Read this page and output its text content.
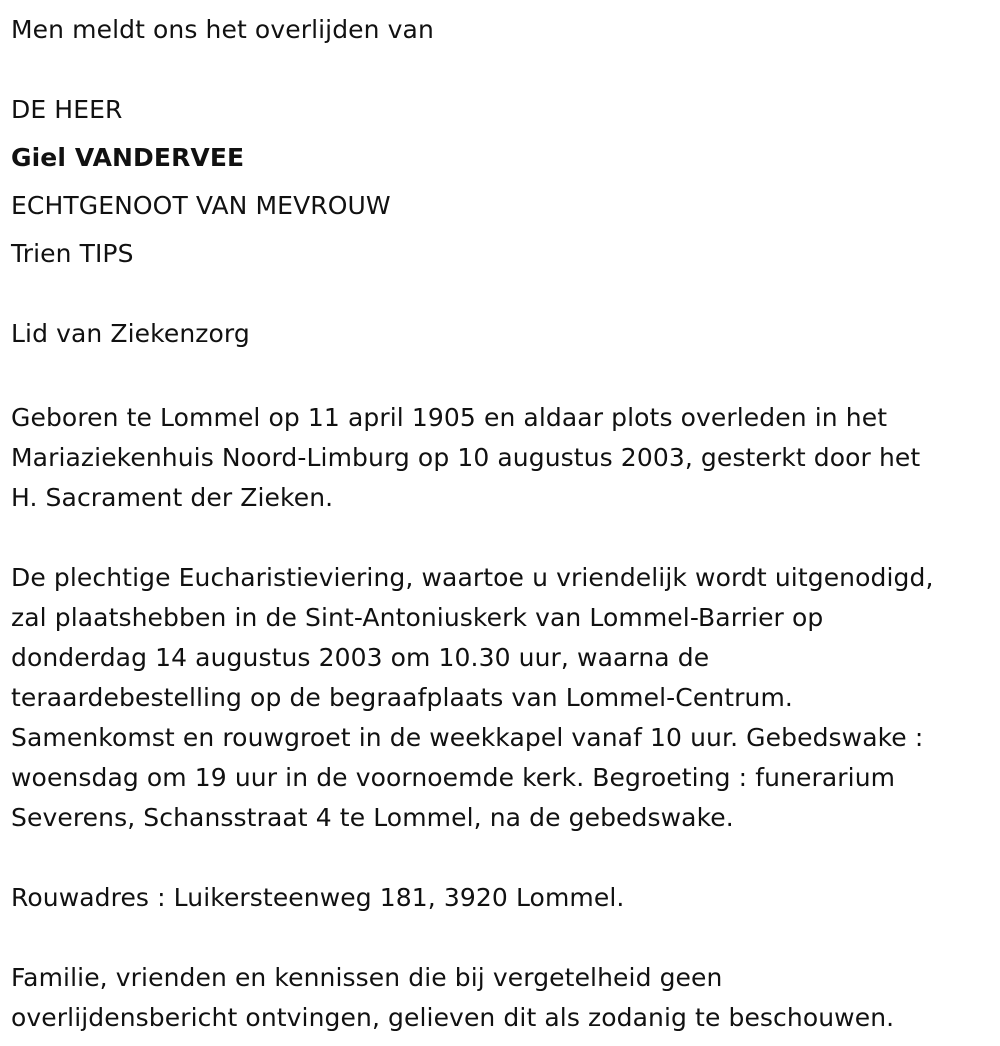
Men meldt ons het overlijden van
DE HEER
Giel VANDERVEE
ECHTGENOOT VAN MEVROUW
Trien TIPS
Lid van Ziekenzorg
Geboren te Lommel op 11 april 1905 en aldaar plots overleden in het
Mariaziekenhuis Noord-Limburg op 10 augustus 2003, gesterkt door het
H. Sacrament der Zieken.
De plechtige Eucharistieviering, waartoe u vriendelijk wordt uitgenodigd,
zal plaatshebben in de Sint-Antoniuskerk van Lommel-Barrier op
donderdag 14 augustus 2003 om 10.30 uur, waarna de
teraardebestelling op de begraafplaats van Lommel-Centrum.
Samenkomst en rouwgroet in de weekkapel vanaf 10 uur. Gebedswake :
woensdag om 19 uur in de voornoemde kerk. Begroeting : funerarium
Severens, Schansstraat 4 te Lommel, na de gebedswake.
Rouwadres : Luikersteenweg 181, 3920 Lommel.
Familie, vrienden en kennissen die bij vergetelheid geen
overlijdensbericht ontvingen, gelieven dit als zodanig te beschouwen.
